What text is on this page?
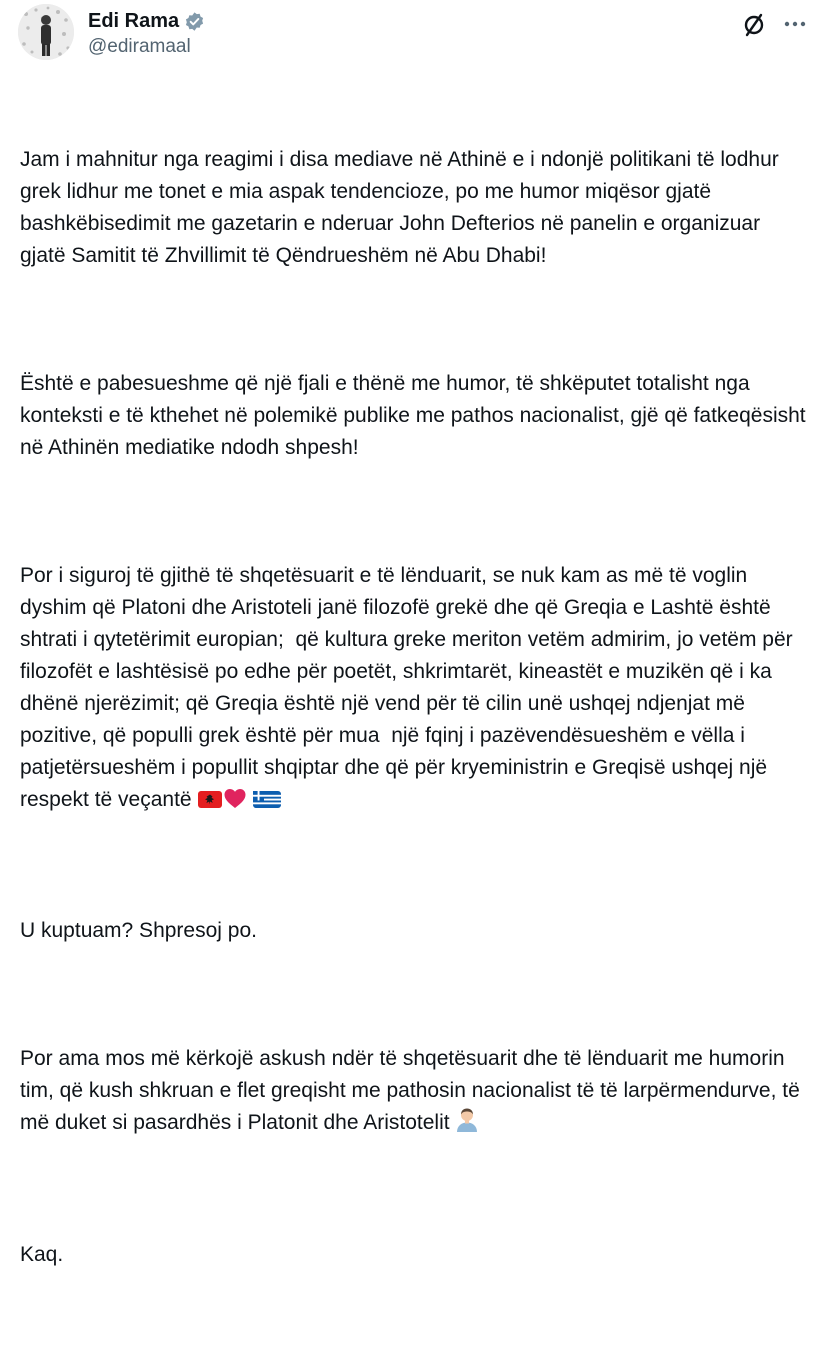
Edi Rama
@ediramaal

Jam i mahnitur nga reagimi i disa mediave në Athinë e i ndonjë politikani të lodhur grek lidhur me tonet e mia aspak tendencioze, po me humor miqësor gjatë bashkëbisedimit me gazetarin e nderuar John Defterios në panelin e organizuar gjatë Samitit të Zhvillimit të Qëndrueshëm në Abu Dhabi!

Është e pabesueshme që një fjali e thënë me humor, të shkëputet totalisht nga konteksti e të kthehet në polemikë publike me pathos nacionalist, gjë që fatkeqësisht në Athinën mediatike ndodh shpesh!

Por i siguroj të gjithë të shqetësuarit e të lënduarit, se nuk kam as më të voglin dyshim që Platoni dhe Aristoteli janë filozofë grekë dhe që Greqia e Lashtë është shtrati i qytetërimit europian;  që kultura greke meriton vetëm admirim, jo vetëm për filozofët e lashtësisë po edhe për poetët, shkrimtarët, kineastët e muzikën që i ka dhënë njerëzimit; që Greqia është një vend për të cilin unë ushqej ndjenjat më pozitive, që populli grek është për mua  një fqinj i pazëvendësueshëm e vëlla i patjetërsueshëm i popullit shqiptar dhe që për kryeministrin e Greqisë ushqej një respekt të veçantë

U kuptuam? Shpresoj po.

Por ama mos më kërkojë askush ndër të shqetësuarit dhe të lënduarit me humorin tim, që kush shkruan e flet greqisht me pathosin nacionalist të të larpërmendurve, të më duket si pasardhës i Platonit dhe Aristotelit

Kaq.
